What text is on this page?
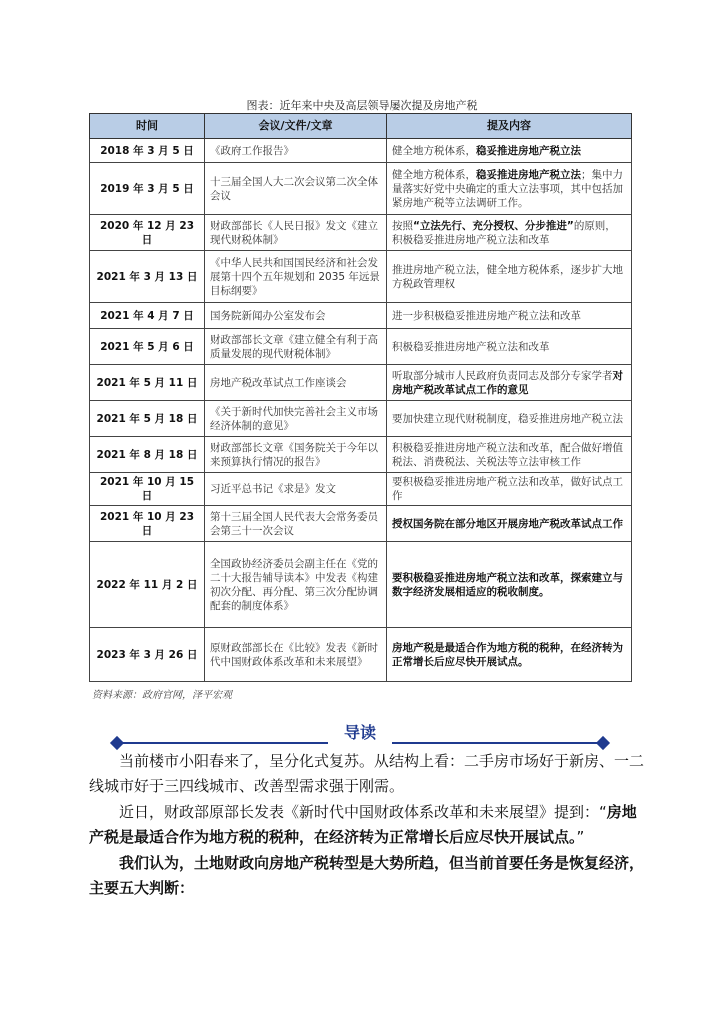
图表：近年来中央及高层领导屡次提及房地产税
时间	会议/文件/文章	提及内容
2018 年 3 月 5 日	《政府工作报告》	健全地方税体系，稳妥推进房地产税立法
2019 年 3 月 5 日	十三届全国人大二次会议第二次全体会议	健全地方税体系，稳妥推进房地产税立法；集中力量落实好党中央确定的重大立法事项，其中包括加紧房地产税等立法调研工作。
2020 年 12 月 23 日	财政部部长《人民日报》发文《建立现代财税体制》	按照“立法先行、充分授权、分步推进”的原则，积极稳妥推进房地产税立法和改革
2021 年 3 月 13 日	《中华人民共和国国民经济和社会发展第十四个五年规划和 2035 年远景目标纲要》	推进房地产税立法，健全地方税体系，逐步扩大地方税政管理权
2021 年 4 月 7 日	国务院新闻办公室发布会	进一步积极稳妥推进房地产税立法和改革
2021 年 5 月 6 日	财政部部长文章《建立健全有利于高质量发展的现代财税体制》	积极稳妥推进房地产税立法和改革
2021 年 5 月 11 日	房地产税改革试点工作座谈会	听取部分城市人民政府负责同志及部分专家学者对房地产税改革试点工作的意见
2021 年 5 月 18 日	《关于新时代加快完善社会主义市场经济体制的意见》	要加快建立现代财税制度，稳妥推进房地产税立法
2021 年 8 月 18 日	财政部部长文章《国务院关于今年以来预算执行情况的报告》	积极稳妥推进房地产税立法和改革，配合做好增值税法、消费税法、关税法等立法审核工作
2021 年 10 月 15 日	习近平总书记《求是》发文	要积极稳妥推进房地产税立法和改革，做好试点工作
2021 年 10 月 23 日	第十三届全国人民代表大会常务委员会第三十一次会议	授权国务院在部分地区开展房地产税改革试点工作
2022 年 11 月 2 日	全国政协经济委员会副主任在《党的二十大报告辅导读本》中发表《构建初次分配、再分配、第三次分配协调配套的制度体系》	要积极稳妥推进房地产税立法和改革，探索建立与数字经济发展相适应的税收制度。
2023 年 3 月 26 日	原财政部部长在《比较》发表《新时代中国财政体系改革和未来展望》	房地产税是最适合作为地方税的税种，在经济转为正常增长后应尽快开展试点。
资料来源：政府官网，泽平宏观
导读
当前楼市小阳春来了，呈分化式复苏。从结构上看：二手房市场好于新房、一二线城市好于三四线城市、改善型需求强于刚需。
近日，财政部原部长发表《新时代中国财政体系改革和未来展望》提到：“房地产税是最适合作为地方税的税种，在经济转为正常增长后应尽快开展试点。”
我们认为，土地财政向房地产税转型是大势所趋，但当前首要任务是恢复经济，主要五大判断：
